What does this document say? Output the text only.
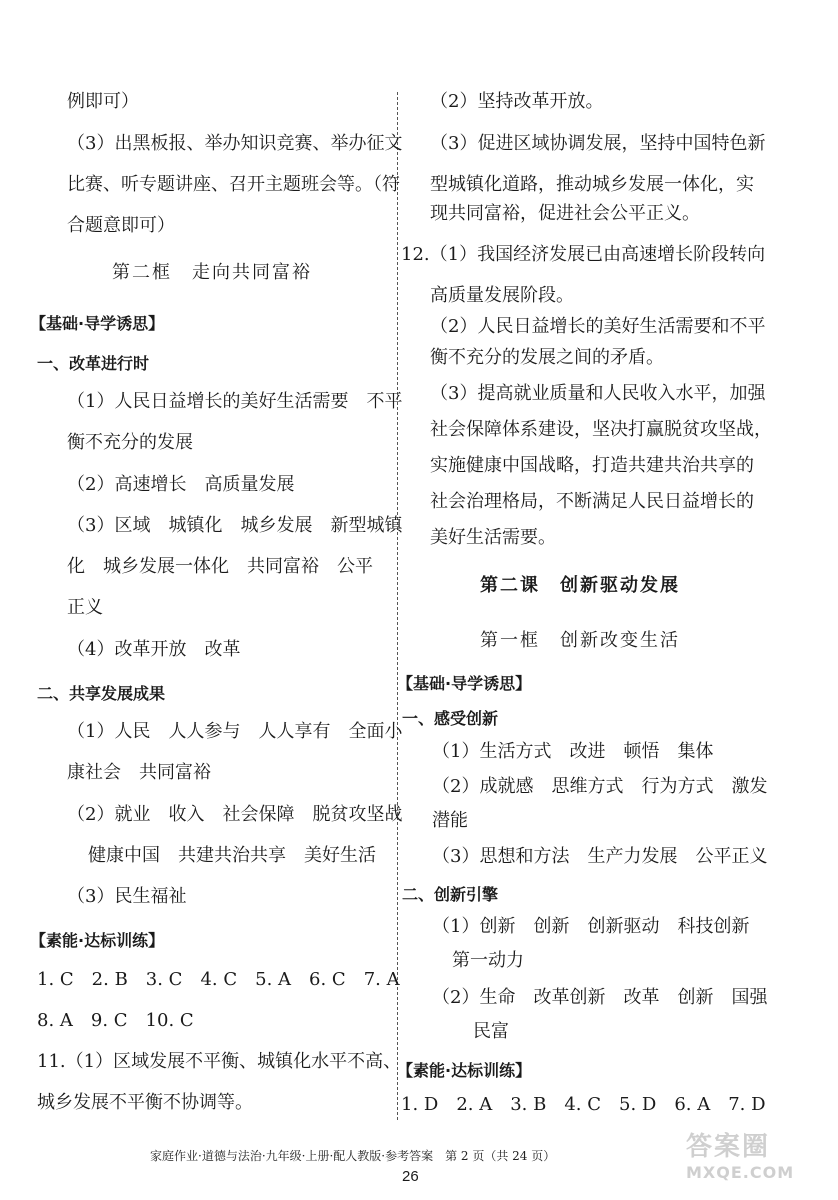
例即可）
（3）出黑板报、举办知识竞赛、举办征文
比赛、听专题讲座、召开主题班会等。（符
合题意即可）
第二框　走向共同富裕
【基础·导学诱思】
一、改革进行时
（1）人民日益增长的美好生活需要　不平
衡不充分的发展
（2）高速增长　高质量发展
（3）区域　城镇化　城乡发展　新型城镇
化　城乡发展一体化　共同富裕　公平
正义
（4）改革开放　改革
二、共享发展成果
（1）人民　人人参与　人人享有　全面小
康社会　共同富裕
（2）就业　收入　社会保障　脱贫攻坚战
健康中国　共建共治共享　美好生活
（3）民生福祉
【素能·达标训练】
1. C　2. B　3. C　4. C　5. A　6. C　7. A
8. A　9. C　10. C
11.（1）区域发展不平衡、城镇化水平不高、
城乡发展不平衡不协调等。
（2）坚持改革开放。
（3）促进区域协调发展，坚持中国特色新
型城镇化道路，推动城乡发展一体化，实
现共同富裕，促进社会公平正义。
12.（1）我国经济发展已由高速增长阶段转向
高质量发展阶段。
（2）人民日益增长的美好生活需要和不平
衡不充分的发展之间的矛盾。
（3）提高就业质量和人民收入水平，加强
社会保障体系建设，坚决打赢脱贫攻坚战，
实施健康中国战略，打造共建共治共享的
社会治理格局，不断满足人民日益增长的
美好生活需要。
第二课　创新驱动发展
第一框　创新改变生活
【基础·导学诱思】
一、感受创新
（1）生活方式　改进　顿悟　集体
（2）成就感　思维方式　行为方式　激发
潜能
（3）思想和方法　生产力发展　公平正义
二、创新引擎
（1）创新　创新　创新驱动　科技创新
第一动力
（2）生命　改革创新　改革　创新　国强
民富
【素能·达标训练】
1. D　2. A　3. B　4. C　5. D　6. A　7. D
家庭作业·道德与法治·九年级·上册·配人教版·参考答案　第 2 页（共 24 页）
26
答案圈
MXQE.COM
